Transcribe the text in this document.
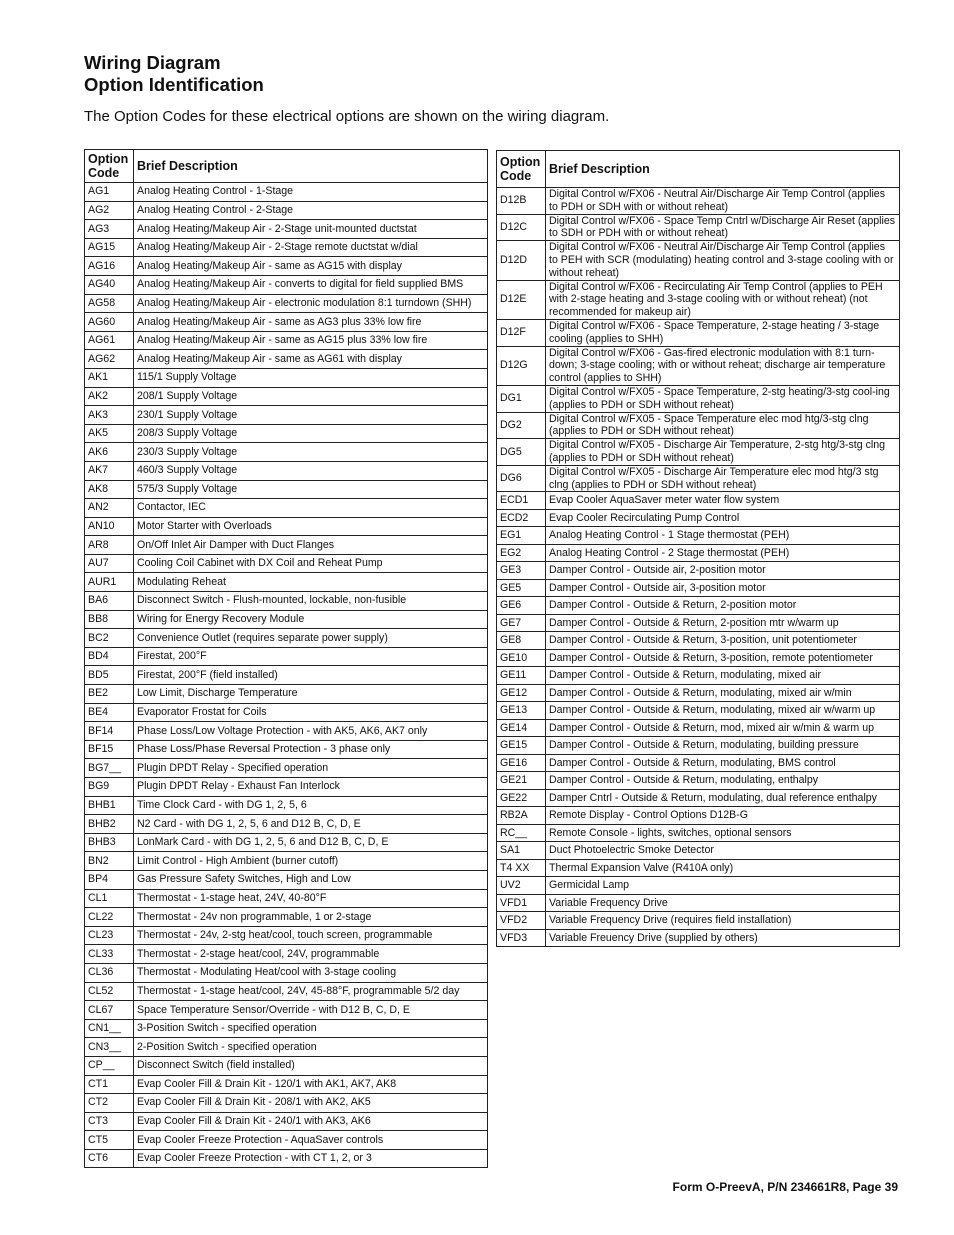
Wiring Diagram
Option Identification

The Option Codes for these electrical options are shown on the wiring diagram.

Option
Code	Brief Description
AG1	Analog Heating Control - 1-Stage
AG2	Analog Heating Control - 2-Stage
AG3	Analog Heating/Makeup Air - 2-Stage unit-mounted ductstat
AG15	Analog Heating/Makeup Air - 2-Stage remote ductstat w/dial
AG16	Analog Heating/Makeup Air - same as AG15 with display
AG40	Analog Heating/Makeup Air - converts to digital for field supplied BMS
AG58	Analog Heating/Makeup Air - electronic modulation 8:1 turndown (SHH)
AG60	Analog Heating/Makeup Air - same as AG3 plus 33% low fire
AG61	Analog Heating/Makeup Air - same as AG15 plus 33% low fire
AG62	Analog Heating/Makeup Air - same as AG61 with display
AK1	115/1 Supply Voltage
AK2	208/1 Supply Voltage
AK3	230/1 Supply Voltage
AK5	208/3 Supply Voltage
AK6	230/3 Supply Voltage
AK7	460/3 Supply Voltage
AK8	575/3 Supply Voltage
AN2	Contactor, IEC
AN10	Motor Starter with Overloads
AR8	On/Off Inlet Air Damper with Duct Flanges
AU7	Cooling Coil Cabinet with DX Coil and Reheat Pump
AUR1	Modulating Reheat
BA6	Disconnect Switch - Flush-mounted, lockable, non-fusible
BB8	Wiring for Energy Recovery Module
BC2	Convenience Outlet (requires separate power supply)
BD4	Firestat, 200°F
BD5	Firestat, 200°F (field installed)
BE2	Low Limit, Discharge Temperature
BE4	Evaporator Frostat for Coils
BF14	Phase Loss/Low Voltage Protection - with AK5, AK6, AK7 only
BF15	Phase Loss/Phase Reversal Protection - 3 phase only
BG7__	Plugin DPDT Relay - Specified operation
BG9	Plugin DPDT Relay - Exhaust Fan Interlock
BHB1	Time Clock Card - with DG 1, 2, 5, 6
BHB2	N2 Card - with DG 1, 2, 5, 6 and D12 B, C, D, E
BHB3	LonMark Card - with DG 1, 2, 5, 6 and D12 B, C, D, E
BN2	Limit Control - High Ambient (burner cutoff)
BP4	Gas Pressure Safety Switches, High and Low
CL1	Thermostat - 1-stage heat, 24V, 40-80°F
CL22	Thermostat - 24v non programmable, 1 or 2-stage
CL23	Thermostat - 24v, 2-stg heat/cool, touch screen, programmable
CL33	Thermostat - 2-stage heat/cool, 24V, programmable
CL36	Thermostat - Modulating Heat/cool with 3-stage cooling
CL52	Thermostat - 1-stage heat/cool, 24V, 45-88°F, programmable 5/2 day
CL67	Space Temperature Sensor/Override - with D12 B, C, D, E
CN1__	3-Position Switch - specified operation
CN3__	2-Position Switch - specified operation
CP__	Disconnect Switch (field installed)
CT1	Evap Cooler Fill & Drain Kit - 120/1 with AK1, AK7, AK8
CT2	Evap Cooler Fill & Drain Kit - 208/1 with AK2, AK5
CT3	Evap Cooler Fill & Drain Kit - 240/1 with AK3, AK6
CT5	Evap Cooler Freeze Protection - AquaSaver controls
CT6	Evap Cooler Freeze Protection - with CT 1, 2, or 3
Option
Code	Brief Description
D12B	Digital Control w/FX06 - Neutral Air/Discharge Air Temp Control (applies to PDH or SDH with or without reheat)
D12C	Digital Control w/FX06 - Space Temp Cntrl w/Discharge Air Reset (applies to SDH or PDH with or without reheat)
D12D	Digital Control w/FX06 - Neutral Air/Discharge Air Temp Control (applies to PEH with SCR (modulating) heating control and 3-stage cooling with or without reheat)
D12E	Digital Control w/FX06 - Recirculating Air Temp Control (applies to PEH with 2-stage heating and 3-stage cooling with or without reheat) (not recommended for makeup air)
D12F	Digital Control w/FX06 - Space Temperature, 2-stage heating / 3-stage cooling (applies to SHH)
D12G	Digital Control w/FX06 - Gas-fired electronic modulation with 8:1 turn-down; 3-stage cooling; with or without reheat; discharge air temperature control (applies to SHH)
DG1	Digital Control w/FX05 - Space Temperature, 2-stg heating/3-stg cool-ing (applies to PDH or SDH without reheat)
DG2	Digital Control w/FX05 - Space Temperature elec mod htg/3-stg clng (applies to PDH or SDH without reheat)
DG5	Digital Control w/FX05 - Discharge Air Temperature, 2-stg htg/3-stg clng (applies to PDH or SDH without reheat)
DG6	Digital Control w/FX05 - Discharge Air Temperature elec mod htg/3 stg clng (applies to PDH or SDH without reheat)
ECD1	Evap Cooler AquaSaver meter water flow system
ECD2	Evap Cooler Recirculating Pump Control
EG1	Analog Heating Control - 1 Stage thermostat (PEH)
EG2	Analog Heating Control - 2 Stage thermostat (PEH)
GE3	Damper Control - Outside air, 2-position motor
GE5	Damper Control - Outside air, 3-position motor
GE6	Damper Control - Outside & Return, 2-position motor
GE7	Damper Control - Outside & Return, 2-position mtr w/warm up
GE8	Damper Control - Outside & Return, 3-position, unit potentiometer
GE10	Damper Control - Outside & Return, 3-position, remote potentiometer
GE11	Damper Control - Outside & Return, modulating, mixed air
GE12	Damper Control - Outside & Return, modulating, mixed air w/min
GE13	Damper Control - Outside & Return, modulating, mixed air w/warm up
GE14	Damper Control - Outside & Return, mod, mixed air w/min & warm up
GE15	Damper Control - Outside & Return, modulating, building pressure
GE16	Damper Control - Outside & Return, modulating, BMS control
GE21	Damper Control - Outside & Return, modulating, enthalpy
GE22	Damper Cntrl - Outside & Return, modulating, dual reference enthalpy
RB2A	Remote Display - Control Options D12B-G
RC__	Remote Console - lights, switches, optional sensors
SA1	Duct Photoelectric Smoke Detector
T4 XX	Thermal Expansion Valve (R410A only)
UV2	Germicidal Lamp
VFD1	Variable Frequency Drive
VFD2	Variable Frequency Drive (requires field installation)
VFD3	Variable Freuency Drive (supplied by others)

Form O-PreevA, P/N 234661R8, Page 39
